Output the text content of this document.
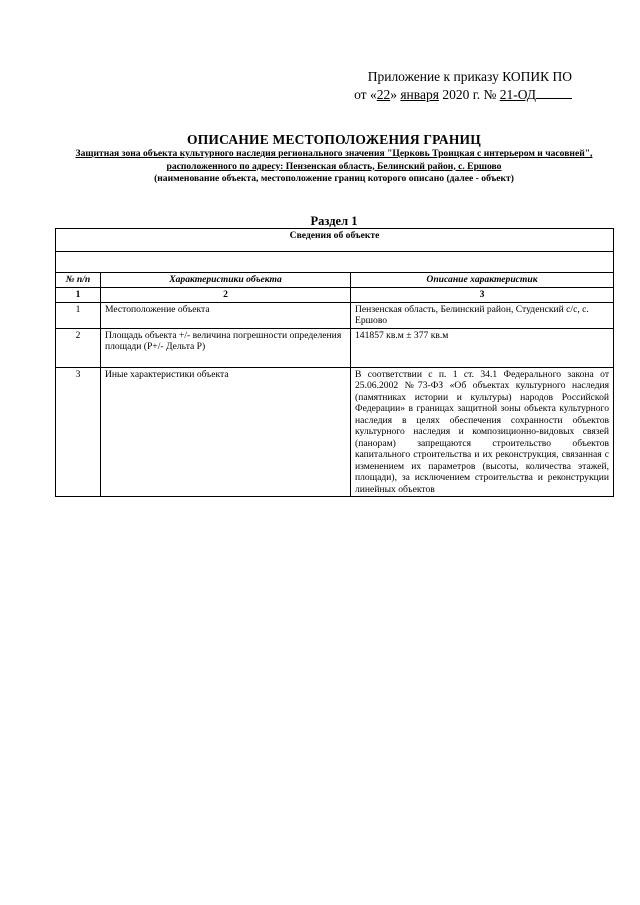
Приложение к приказу КОПИК ПО
от «22» января 2020 г. № 21-ОД
ОПИСАНИЕ МЕСТОПОЛОЖЕНИЯ ГРАНИЦ
Защитная зона объекта культурного наследия регионального значения "Церковь Троицкая с интерьером и часовней", расположенного по адресу: Пензенская область, Белинский район, с. Ершово
(наименование объекта, местоположение границ которого описано (далее - объект)
Раздел 1
Сведения об объекте		

№ п/п	Характеристики объекта	Описание характеристик
1	2	3
1	Местоположение объекта	Пензенская область, Белинский район, Студенский с/с, с. Ершово
2	Площадь объекта +/- величина погрешности определения площади (Р+/- Дельта Р)	141857 кв.м ± 377 кв.м
3	Иные характеристики объекта	В соответствии с п. 1 ст. 34.1 Федерального закона от 25.06.2002 №73-ФЗ «Об объектах культурного наследия (памятниках истории и культуры) народов Российской Федерации» в границах защитной зоны объекта культурного наследия в целях обеспечения сохранности объектов культурного наследия и композиционно-видовых связей (панорам) запрещаются строительство объектов капитального строительства и их реконструкция, связанная с изменением их параметров (высоты, количества этажей, площади), за исключением строительства и реконструкции линейных объектов
